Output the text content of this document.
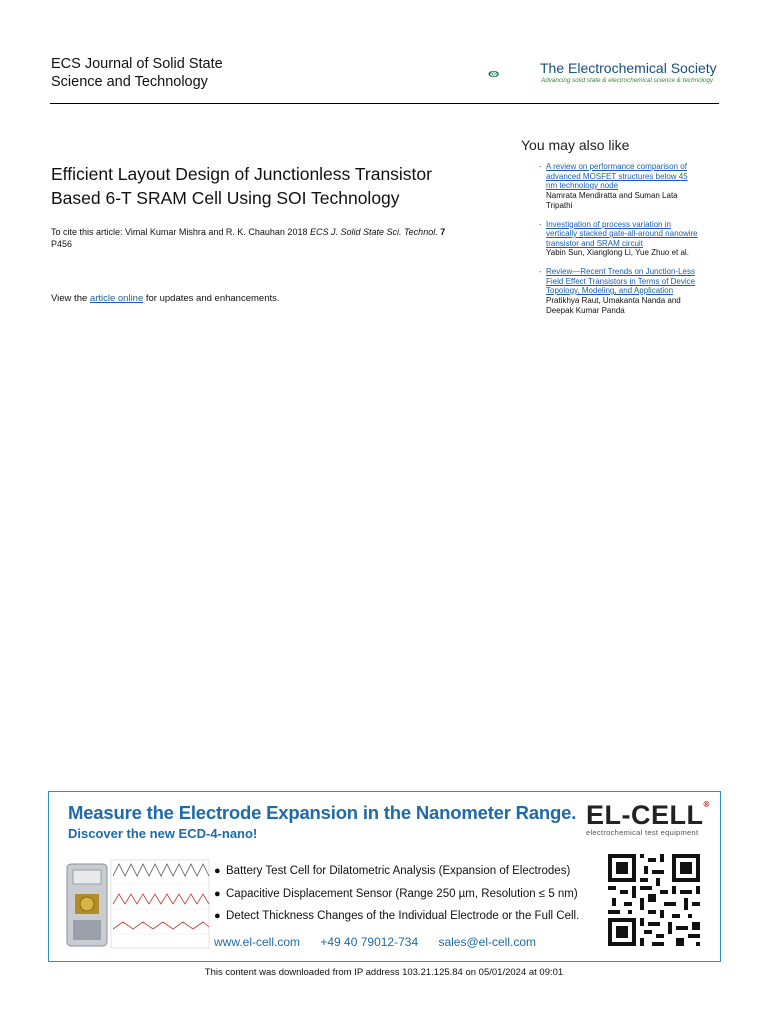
ECS Journal of Solid State
Science and Technology	ECS	The Electrochemical Society
Advancing solid state & electrochemical science & technology
You may also like
- A review on performance comparison of
advanced MOSFET structures below 45
nm technology node
Namrata Mendiratta and Suman Lata
Tripathi
- Investigation of process variation in
vertically stacked gate-all-around nanowire
transistor and SRAM circuit
Yabin Sun, Xianglong Li, Yue Zhuo et al.
- Review—Recent Trends on Junction-Less
Field Effect Transistors in Terms of Device
Topology, Modeling, and Application
Pratikhya Raut, Umakanta Nanda and
Deepak Kumar Panda
Efficient Layout Design of Junctionless Transistor
Based 6-T SRAM Cell Using SOI Technology
To cite this article: Vimal Kumar Mishra and R. K. Chauhan 2018 ECS J. Solid State Sci. Technol. 7
P456
View the article online for updates and enhancements.
Measure the Electrode Expansion in the Nanometer Range.
Discover the new ECD-4-nano!
EL-CELL®
electrochemical test equipment
● Battery Test Cell for Dilatometric Analysis (Expansion of Electrodes)
● Capacitive Displacement Sensor (Range 250 µm, Resolution ≤ 5 nm)
● Detect Thickness Changes of the Individual Electrode or the Full Cell.
www.el-cell.com +49 40 79012-734 sales@el-cell.com
This content was downloaded from IP address 103.21.125.84 on 05/01/2024 at 09:01
